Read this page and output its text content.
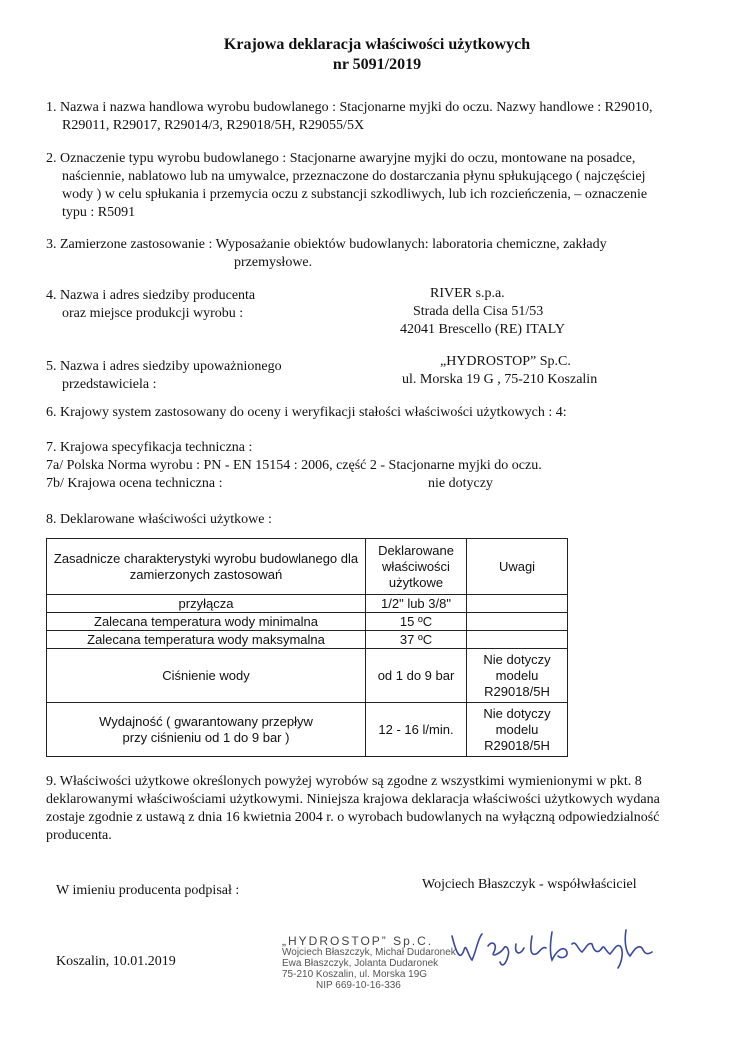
Krajowa deklaracja właściwości użytkowych
nr 5091/2019
1. Nazwa i nazwa handlowa wyrobu budowlanego : Stacjonarne myjki do oczu. Nazwy handlowe : R29010,
R29011, R29017, R29014/3, R29018/5H, R29055/5X
2. Oznaczenie typu wyrobu budowlanego : Stacjonarne awaryjne myjki do oczu, montowane na posadce,
naściennie, nablatowo lub na umywalce, przeznaczone do dostarczania płynu spłukującego ( najczęściej
wody ) w celu spłukania i przemycia oczu z substancji szkodliwych, lub ich rozcieńczenia, – oznaczenie
typu : R5091
3. Zamierzone zastosowanie : Wyposażanie obiektów budowlanych: laboratoria chemiczne, zakłady
przemysłowe.
4. Nazwa i adres siedziby producenta
oraz miejsce produkcji wyrobu :
RIVER s.p.a.
Strada della Cisa 51/53
42041 Brescello (RE) ITALY
5. Nazwa i adres siedziby upoważnionego
przedstawiciela :
„HYDROSTOP” Sp.C.
ul. Morska 19 G , 75-210 Koszalin
6. Krajowy system zastosowany do oceny i weryfikacji stałości właściwości użytkowych : 4:
7. Krajowa specyfikacja techniczna :
7a/ Polska Norma wyrobu : PN - EN 15154 : 2006, część 2 - Stacjonarne myjki do oczu.
7b/ Krajowa ocena techniczna :	nie dotyczy
8. Deklarowane właściwości użytkowe :
Zasadnicze charakterystyki wyrobu budowlanego dla zamierzonych zastosowań	Deklarowane właściwości użytkowe	Uwagi
przyłącza	1/2" lub 3/8"	
Zalecana temperatura wody minimalna	15 ºC	
Zalecana temperatura wody maksymalna	37 ºC	
Ciśnienie wody	od 1 do 9 bar	Nie dotyczy modelu R29018/5H
Wydajność ( gwarantowany przepływ przy ciśnieniu od 1 do 9 bar )	12 - 16 l/min.	Nie dotyczy modelu R29018/5H
9. Właściwości użytkowe określonych powyżej wyrobów są zgodne z wszystkimi wymienionymi w pkt. 8
deklarowanymi właściwościami użytkowymi. Niniejsza krajowa deklaracja właściwości użytkowych wydana
zostaje zgodnie z ustawą z dnia 16 kwietnia 2004 r. o wyrobach budowlanych na wyłączną odpowiedzialność
producenta.
W imieniu producenta podpisał :	Wojciech Błaszczyk - współwłaściciel
Koszalin, 10.01.2019
„HYDROSTOP” Sp.C.
Wojciech Błaszczyk, Michał Dudaronek
Ewa Błaszczyk, Jolanta Dudaronek
75-210 Koszalin, ul. Morska 19G
NIP 669-10-16-336
